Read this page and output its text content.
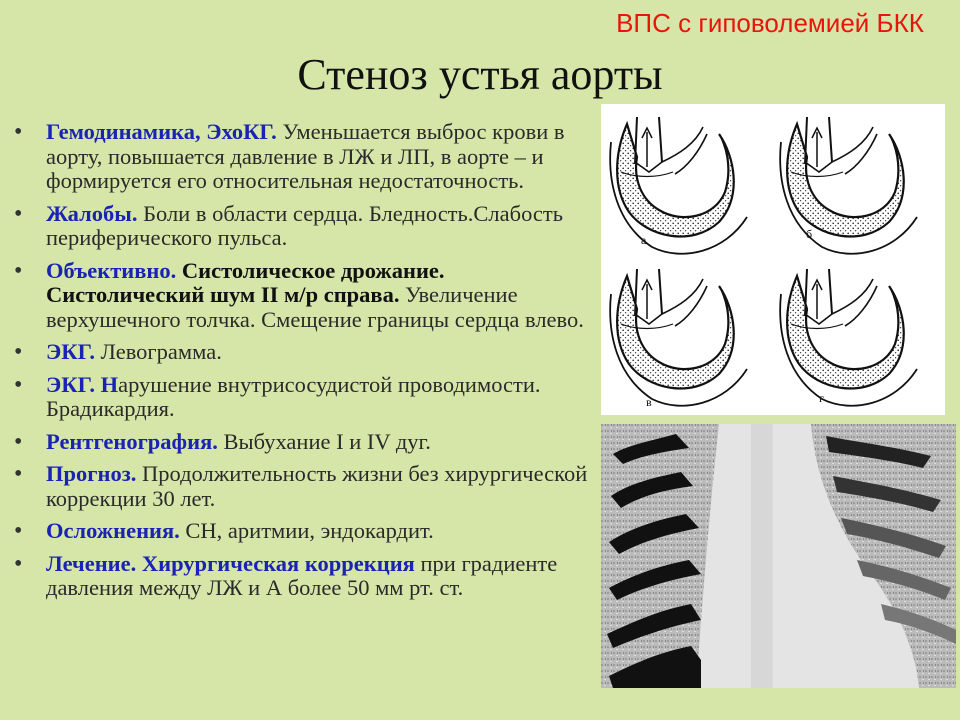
ВПС с гиповолемией БКК
Стеноз устья аорты
• Гемодинамика, ЭхоКГ. Уменьшается выброс крови в аорту, повышается давление в ЛЖ и ЛП, в аорте – и формируется его относительная недостаточность.
• Жалобы. Боли в области сердца. Бледность.Слабость периферического пульса.
• Объективно. Систолическое дрожание. Систолический шум II м/р справа. Увеличение верхушечного толчка. Смещение границы сердца влево.
• ЭКГ. Левограмма.
• ЭКГ. Нарушение внутрисосудистой проводимости. Брадикардия.
• Рентгенография. Выбухание I и IV дуг.
• Прогноз. Продолжительность жизни без хирургической коррекции 30 лет.
• Осложнения. СН, аритмии, эндокардит.
• Лечение. Хирургическая коррекция при градиенте давления между ЛЖ и А более 50 мм рт. ст.
а	б
в	г
